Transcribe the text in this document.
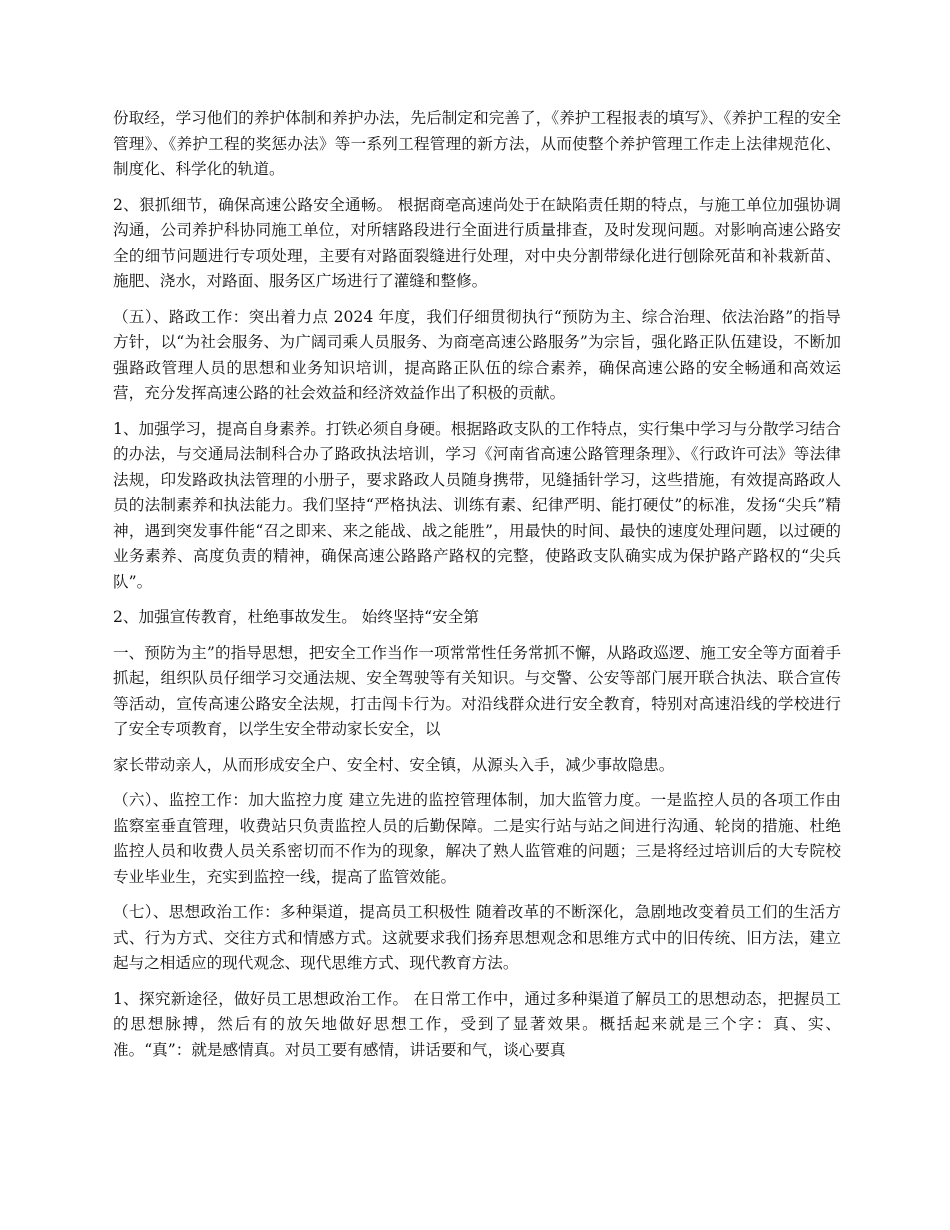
份取经，学习他们的养护体制和养护办法，先后制定和完善了，《养护工程报表的填写》、《养护工程的安全管理》、《养护工程的奖惩办法》等一系列工程管理的新方法，从而使整个养护管理工作走上法律规范化、制度化、科学化的轨道。

2、狠抓细节，确保高速公路安全通畅。 根据商亳高速尚处于在缺陷责任期的特点，与施工单位加强协调沟通，公司养护科协同施工单位，对所辖路段进行全面进行质量排查，及时发现问题。对影响高速公路安全的细节问题进行专项处理，主要有对路面裂缝进行处理，对中央分割带绿化进行刨除死苗和补栽新苗、施肥、浇水，对路面、服务区广场进行了灌缝和整修。

（五）、路政工作：突出着力点 2024 年度，我们仔细贯彻执行“预防为主、综合治理、依法治路”的指导方针，以“为社会服务、为广阔司乘人员服务、为商亳高速公路服务”为宗旨，强化路正队伍建设，不断加强路政管理人员的思想和业务知识培训，提高路正队伍的综合素养，确保高速公路的安全畅通和高效运营，充分发挥高速公路的社会效益和经济效益作出了积极的贡献。

1、加强学习，提高自身素养。打铁必须自身硬。根据路政支队的工作特点，实行集中学习与分散学习结合的办法，与交通局法制科合办了路政执法培训，学习《河南省高速公路管理条理》、《行政许可法》等法律法规，印发路政执法管理的小册子，要求路政人员随身携带，见缝插针学习，这些措施，有效提高路政人员的法制素养和执法能力。我们坚持“严格执法、训练有素、纪律严明、能打硬仗”的标准，发扬“尖兵”精神，遇到突发事件能“召之即来、来之能战、战之能胜”，用最快的时间、最快的速度处理问题，以过硬的业务素养、高度负责的精神，确保高速公路路产路权的完整，使路政支队确实成为保护路产路权的“尖兵队”。

2、加强宣传教育，杜绝事故发生。 始终坚持“安全第

一、预防为主”的指导思想，把安全工作当作一项常常性任务常抓不懈，从路政巡逻、施工安全等方面着手抓起，组织队员仔细学习交通法规、安全驾驶等有关知识。与交警、公安等部门展开联合执法、联合宣传等活动，宣传高速公路安全法规，打击闯卡行为。对沿线群众进行安全教育，特别对高速沿线的学校进行了安全专项教育，以学生安全带动家长安全，以

家长带动亲人，从而形成安全户、安全村、安全镇，从源头入手，减少事故隐患。

（六）、监控工作：加大监控力度 建立先进的监控管理体制，加大监管力度。一是监控人员的各项工作由监察室垂直管理，收费站只负责监控人员的后勤保障。二是实行站与站之间进行沟通、轮岗的措施、杜绝监控人员和收费人员关系密切而不作为的现象，解决了熟人监管难的问题；三是将经过培训后的大专院校专业毕业生，充实到监控一线，提高了监管效能。

（七）、思想政治工作：多种渠道，提高员工积极性 随着改革的不断深化，急剧地改变着员工们的生活方式、行为方式、交往方式和情感方式。这就要求我们扬弃思想观念和思维方式中的旧传统、旧方法，建立起与之相适应的现代观念、现代思维方式、现代教育方法。

1、探究新途径，做好员工思想政治工作。 在日常工作中，通过多种渠道了解员工的思想动态，把握员工的思想脉搏，然后有的放矢地做好思想工作，受到了显著效果。概括起来就是三个字：真、实、准。“真”：就是感情真。对员工要有感情，讲话要和气，谈心要真
